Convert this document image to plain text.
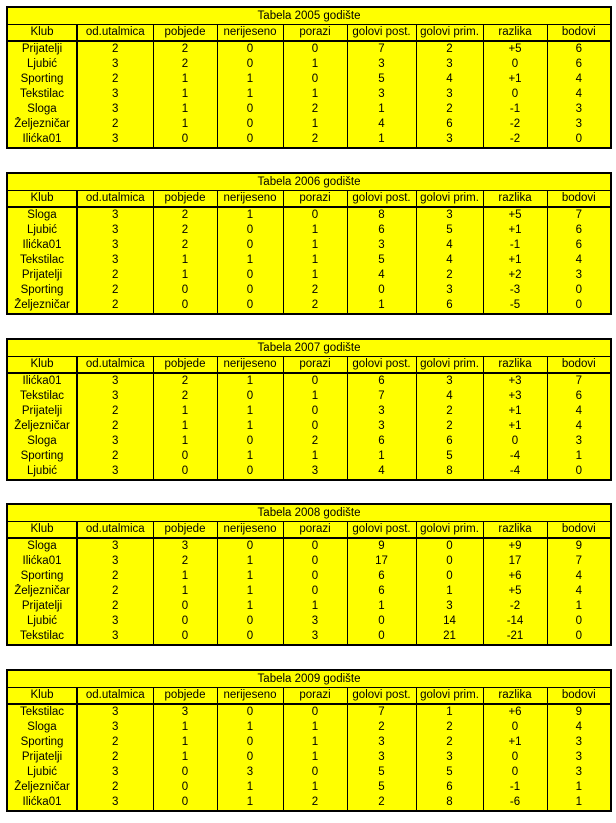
Tabela 2005 godište								
Klub	od.utalmica	pobjede	nerijeseno	porazi	golovi post.	golovi prim.	razlika	bodovi
Prijatelji	2	2	0	0	7	2	+5	6
Ljubić	3	2	0	1	3	3	0	6
Sporting	2	1	1	0	5	4	+1	4
Tekstilac	3	1	1	1	3	3	0	4
Sloga	3	1	0	2	1	2	-1	3
Željezničar	2	1	0	1	4	6	-2	3
Ilićka01	3	0	0	2	1	3	-2	0
Tabela 2006 godište								
Klub	od.utalmica	pobjede	nerijeseno	porazi	golovi post.	golovi prim.	razlika	bodovi
Sloga	3	2	1	0	8	3	+5	7
Ljubić	3	2	0	1	6	5	+1	6
Ilićka01	3	2	0	1	3	4	-1	6
Tekstilac	3	1	1	1	5	4	+1	4
Prijatelji	2	1	0	1	4	2	+2	3
Sporting	2	0	0	2	0	3	-3	0
Željezničar	2	0	0	2	1	6	-5	0
Tabela 2007 godište								
Klub	od.utalmica	pobjede	nerijeseno	porazi	golovi post.	golovi prim.	razlika	bodovi
Ilićka01	3	2	1	0	6	3	+3	7
Tekstilac	3	2	0	1	7	4	+3	6
Prijatelji	2	1	1	0	3	2	+1	4
Željezničar	2	1	1	0	3	2	+1	4
Sloga	3	1	0	2	6	6	0	3
Sporting	2	0	1	1	1	5	-4	1
Ljubić	3	0	0	3	4	8	-4	0
Tabela 2008 godište								
Klub	od.utalmica	pobjede	nerijeseno	porazi	golovi post.	golovi prim.	razlika	bodovi
Sloga	3	3	0	0	9	0	+9	9
Ilićka01	3	2	1	0	17	0	17	7
Sporting	2	1	1	0	6	0	+6	4
Željezničar	2	1	1	0	6	1	+5	4
Prijatelji	2	0	1	1	1	3	-2	1
Ljubić	3	0	0	3	0	14	-14	0
Tekstilac	3	0	0	3	0	21	-21	0
Tabela 2009 godište								
Klub	od.utalmica	pobjede	nerijeseno	porazi	golovi post.	golovi prim.	razlika	bodovi
Tekstilac	3	3	0	0	7	1	+6	9
Sloga	3	1	1	1	2	2	0	4
Sporting	2	1	0	1	3	2	+1	3
Prijatelji	2	1	0	1	3	3	0	3
Ljubić	3	0	3	0	5	5	0	3
Željezničar	2	0	1	1	5	6	-1	1
Ilićka01	3	0	1	2	2	8	-6	1
